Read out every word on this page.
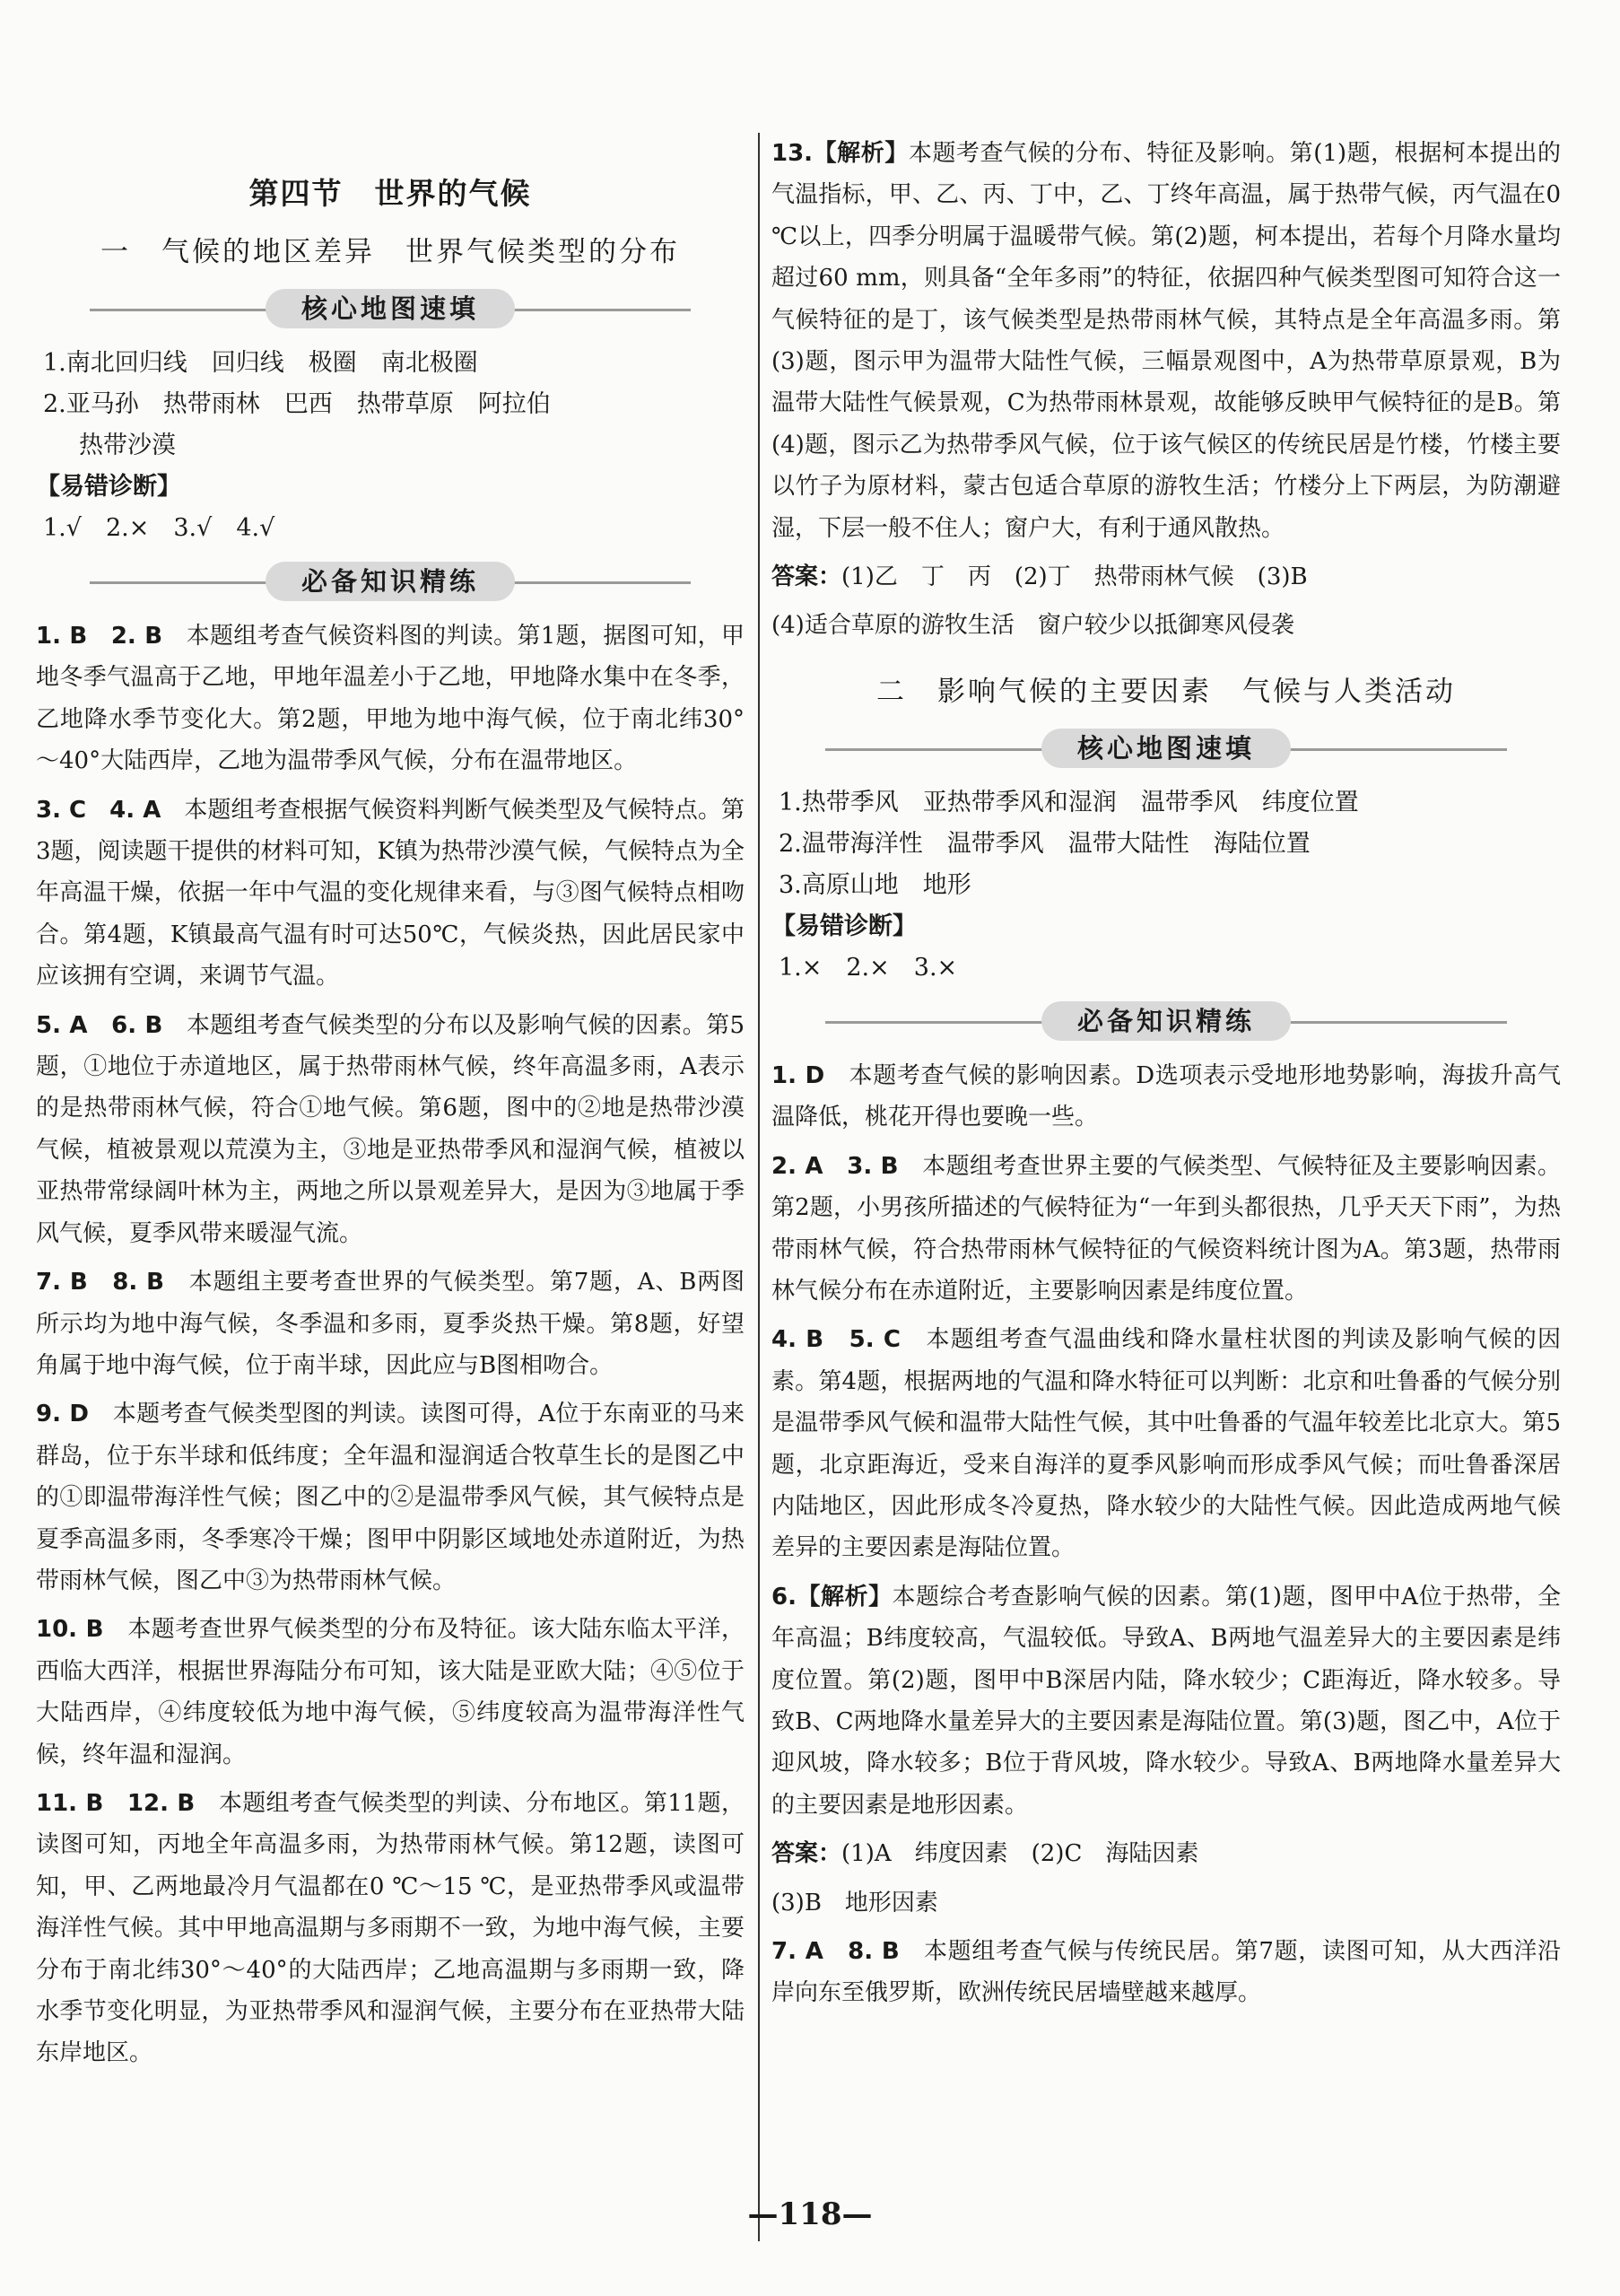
第四节　世界的气候
一　气候的地区差异　世界气候类型的分布
核心地图速填
1.南北回归线　回归线　极圈　南北极圈
2.亚马孙　热带雨林　巴西　热带草原　阿拉伯
热带沙漠
【易错诊断】
1.√　2.×　3.√　4.√
必备知识精练
1. B　2. B　 本题组考查气候资料图的判读。第1题，据图可知，甲地冬季气温高于乙地，甲地年温差小于乙地，甲地降水集中在冬季，乙地降水季节变化大。第2题，甲地为地中海气候，位于南北纬30°～40°大陆西岸，乙地为温带季风气候，分布在温带地区。
3. C　4. A　 本题组考查根据气候资料判断气候类型及气候特点。第3题，阅读题干提供的材料可知，K镇为热带沙漠气候，气候特点为全年高温干燥，依据一年中气温的变化规律来看，与③图气候特点相吻合。第4题，K镇最高气温有时可达50℃，气候炎热，因此居民家中应该拥有空调，来调节气温。
5. A　6. B　 本题组考查气候类型的分布以及影响气候的因素。第5题，①地位于赤道地区，属于热带雨林气候，终年高温多雨，A表示的是热带雨林气候，符合①地气候。第6题，图中的②地是热带沙漠气候，植被景观以荒漠为主，③地是亚热带季风和湿润气候，植被以亚热带常绿阔叶林为主，两地之所以景观差异大，是因为③地属于季风气候，夏季风带来暖湿气流。
7. B　8. B　 本题组主要考查世界的气候类型。第7题，A、B两图所示均为地中海气候，冬季温和多雨，夏季炎热干燥。第8题，好望角属于地中海气候，位于南半球，因此应与B图相吻合。
9. D　 本题考查气候类型图的判读。读图可得，A位于东南亚的马来群岛，位于东半球和低纬度；全年温和湿润适合牧草生长的是图乙中的①即温带海洋性气候；图乙中的②是温带季风气候，其气候特点是夏季高温多雨，冬季寒冷干燥；图甲中阴影区域地处赤道附近，为热带雨林气候，图乙中③为热带雨林气候。
10. B　 本题考查世界气候类型的分布及特征。该大陆东临太平洋，西临大西洋，根据世界海陆分布可知，该大陆是亚欧大陆；④⑤位于大陆西岸，④纬度较低为地中海气候，⑤纬度较高为温带海洋性气候，终年温和湿润。
11. B　12. B　 本题组考查气候类型的判读、分布地区。第11题，读图可知，丙地全年高温多雨，为热带雨林气候。第12题，读图可知，甲、乙两地最冷月气温都在0 ℃～15 ℃，是亚热带季风或温带海洋性气候。其中甲地高温期与多雨期不一致，为地中海气候，主要分布于南北纬30°～40°的大陆西岸；乙地高温期与多雨期一致，降水季节变化明显，为亚热带季风和湿润气候，主要分布在亚热带大陆东岸地区。
13.【解析】本题考查气候的分布、特征及影响。第(1)题，根据柯本提出的气温指标，甲、乙、丙、丁中，乙、丁终年高温，属于热带气候，丙气温在0 ℃以上，四季分明属于温暖带气候。第(2)题，柯本提出，若每个月降水量均超过60 mm，则具备“全年多雨”的特征，依据四种气候类型图可知符合这一气候特征的是丁，该气候类型是热带雨林气候，其特点是全年高温多雨。第(3)题，图示甲为温带大陆性气候，三幅景观图中，A为热带草原景观，B为温带大陆性气候景观，C为热带雨林景观，故能够反映甲气候特征的是B。第(4)题，图示乙为热带季风气候，位于该气候区的传统民居是竹楼，竹楼主要以竹子为原材料，蒙古包适合草原的游牧生活；竹楼分上下两层，为防潮避湿，下层一般不住人；窗户大，有利于通风散热。
答案：(1)乙　丁　丙　(2)丁　热带雨林气候　(3)B
(4)适合草原的游牧生活　窗户较少以抵御寒风侵袭
二　影响气候的主要因素　气候与人类活动
核心地图速填
1.热带季风　亚热带季风和湿润　温带季风　纬度位置
2.温带海洋性　温带季风　温带大陆性　海陆位置
3.高原山地　地形
【易错诊断】
1.×　2.×　3.×
必备知识精练
1. D　 本题考查气候的影响因素。D选项表示受地形地势影响，海拔升高气温降低，桃花开得也要晚一些。
2. A　3. B　 本题组考查世界主要的气候类型、气候特征及主要影响因素。第2题，小男孩所描述的气候特征为“一年到头都很热，几乎天天下雨”，为热带雨林气候，符合热带雨林气候特征的气候资料统计图为A。第3题，热带雨林气候分布在赤道附近，主要影响因素是纬度位置。
4. B　5. C　 本题组考查气温曲线和降水量柱状图的判读及影响气候的因素。第4题，根据两地的气温和降水特征可以判断：北京和吐鲁番的气候分别是温带季风气候和温带大陆性气候，其中吐鲁番的气温年较差比北京大。第5题，北京距海近，受来自海洋的夏季风影响而形成季风气候；而吐鲁番深居内陆地区，因此形成冬冷夏热，降水较少的大陆性气候。因此造成两地气候差异的主要因素是海陆位置。
6.【解析】本题综合考查影响气候的因素。第(1)题，图甲中A位于热带，全年高温；B纬度较高，气温较低。导致A、B两地气温差异大的主要因素是纬度位置。第(2)题，图甲中B深居内陆，降水较少；C距海近，降水较多。导致B、C两地降水量差异大的主要因素是海陆位置。第(3)题，图乙中，A位于迎风坡，降水较多；B位于背风坡，降水较少。导致A、B两地降水量差异大的主要因素是地形因素。
答案：(1)A　纬度因素　(2)C　海陆因素
(3)B　地形因素
7. A　8. B　 本题组考查气候与传统民居。第7题，读图可知，从大西洋沿岸向东至俄罗斯，欧洲传统民居墙壁越来越厚。
—118—
